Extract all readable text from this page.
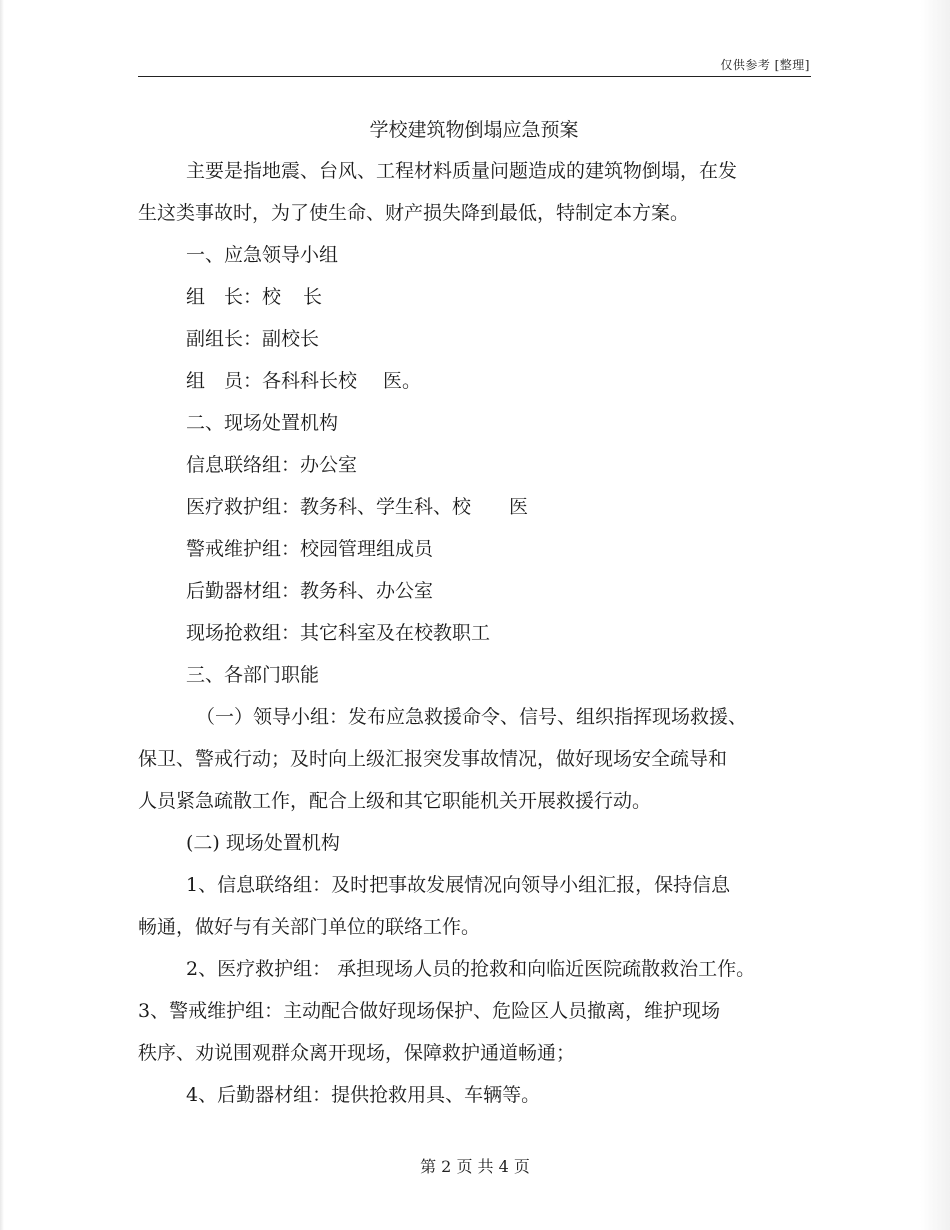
仅供参考 [整理]
学校建筑物倒塌应急预案
主要是指地震、台风、工程材料质量问题造成的建筑物倒塌，在发
生这类事故时，为了使生命、财产损失降到最低，特制定本方案。
一、应急领导小组
组　长：校 长
副组长：副校长
组　员：各科科长校 医。
二、现场处置机构
信息联络组：办公室
医疗救护组：教务科、学生科、校 医
警戒维护组：校园管理组成员
后勤器材组：教务科、办公室
现场抢救组：其它科室及在校教职工
三、各部门职能
（一）领导小组：发布应急救援命令、信号、组织指挥现场救援、
保卫、警戒行动；及时向上级汇报突发事故情况，做好现场安全疏导和
人员紧急疏散工作，配合上级和其它职能机关开展救援行动。
(二) 现场处置机构
1、信息联络组：及时把事故发展情况向领导小组汇报，保持信息
畅通，做好与有关部门单位的联络工作。
2、医疗救护组： 承担现场人员的抢救和向临近医院疏散救治工作。
3、警戒维护组：主动配合做好现场保护、危险区人员撤离，维护现场
秩序、劝说围观群众离开现场，保障救护通道畅通；
4、后勤器材组：提供抢救用具、车辆等。
第 2 页 共 4 页
